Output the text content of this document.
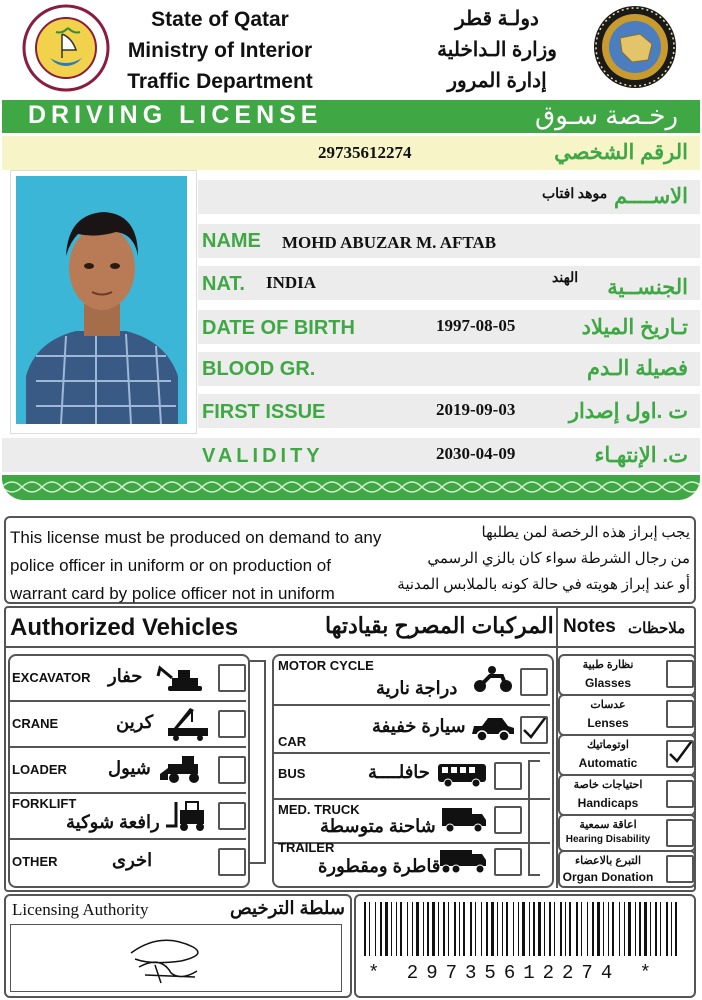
State of Qatar
Ministry of Interior
Traffic Department
دولـة قطر
وزارة الـداخلية
إدارة المرور
DRIVING LICENSE	رخـصة سـوق
29735612274	الرقم الشخصي
موهد افتاب الاســــم
NAME MOHD ABUZAR M. AFTAB
NAT. INDIA	الهند الجنســية
DATE OF BIRTH	1997-08-05	تـاريخ الميلاد
BLOOD GR.	فصيلة الـدم
FIRST ISSUE	2019-09-03	ت .اول إصدار
VALIDITY	2030-04-09	ت. الإنتهـاء
This license must be produced on demand to any
police officer in uniform or on production of
warrant card by police officer not in uniform
يجب إبراز هذه الرخصة لمن يطلبها
من رجال الشرطة سواء كان بالزي الرسمي
أو عند إبراز هويته في حالة كونه بالملابس المدنية
Authorized Vehicles	المركبات المصرح بقيادتها Notes ملاحظات
EXCAVATOR حفار
CRANE	كرين
LOADER شيول
FORKLIFT
رافعة شوكية
OTHER	اخرى
MOTOR CYCLE
دراجة نارية
CAR
سيارة خفيفة
BUS	حافلــــة
MED. TRUCK
شاحنة متوسطة
TRAILER
قاطرة ومقطورة
نظارة طبية
Glasses
عدسات
Lenses
اوتوماتيك
Automatic
احتياجات خاصة
Handicaps
اعاقة سمعية
Hearing Disability
التبرع بالاعضاء
Organ Donation
Licensing Authority	سلطة الترخيص
* 29735612274 *
